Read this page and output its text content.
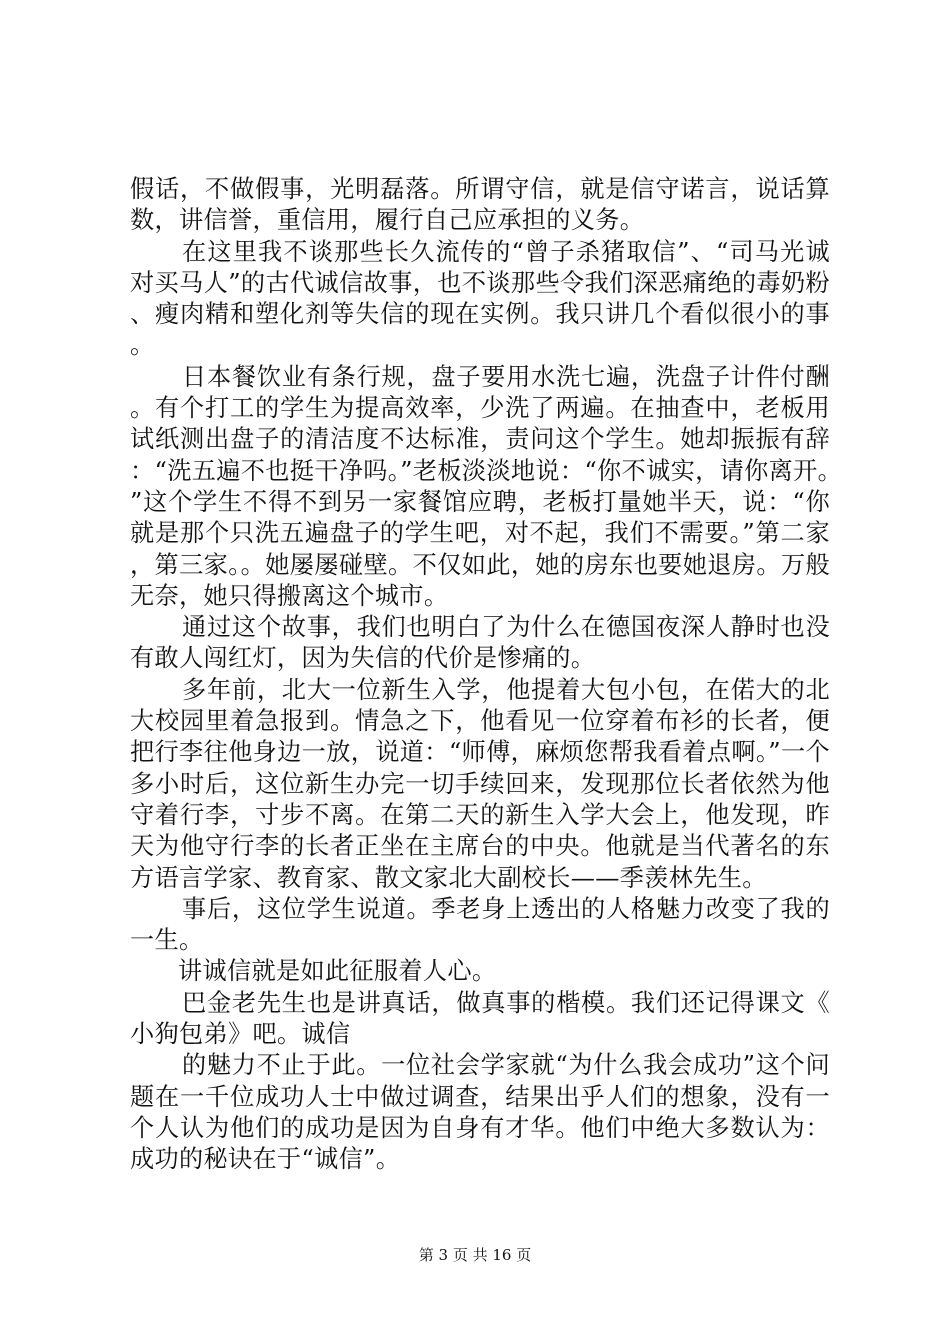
假话，不做假事，光明磊落。所谓守信，就是信守诺言，说话算数，讲信誉，重信用，履行自己应承担的义务。

在这里我不谈那些长久流传的“曾子杀猪取信”、“司马光诚对买马人”的古代诚信故事，也不谈那些令我们深恶痛绝的毒奶粉、瘦肉精和塑化剂等失信的现在实例。我只讲几个看似很小的事。

日本餐饮业有条行规，盘子要用水洗七遍，洗盘子计件付酬。有个打工的学生为提高效率，少洗了两遍。在抽查中，老板用试纸测出盘子的清洁度不达标准，责问这个学生。她却振振有辞：“洗五遍不也挺干净吗。”老板淡淡地说：“你不诚实，请你离开。”这个学生不得不到另一家餐馆应聘，老板打量她半天，说：“你就是那个只洗五遍盘子的学生吧，对不起，我们不需要。”第二家，第三家。。她屡屡碰壁。不仅如此，她的房东也要她退房。万般无奈，她只得搬离这个城市。

通过这个故事，我们也明白了为什么在德国夜深人静时也没有敢人闯红灯，因为失信的代价是惨痛的。

多年前，北大一位新生入学，他提着大包小包，在偌大的北大校园里着急报到。情急之下，他看见一位穿着布衫的长者，便把行李往他身边一放，说道：“师傅，麻烦您帮我看着点啊。”一个多小时后，这位新生办完一切手续回来，发现那位长者依然为他守着行李，寸步不离。在第二天的新生入学大会上，他发现，昨天为他守行李的长者正坐在主席台的中央。他就是当代著名的东方语言学家、教育家、散文家北大副校长——季羡林先生。

事后，这位学生说道。季老身上透出的人格魅力改变了我的一生。

讲诚信就是如此征服着人心。

巴金老先生也是讲真话，做真事的楷模。我们还记得课文《小狗包弟》吧。诚信

的魅力不止于此。一位社会学家就“为什么我会成功”这个问题在一千位成功人士中做过调查，结果出乎人们的想象，没有一个人认为他们的成功是因为自身有才华。他们中绝大多数认为：成功的秘诀在于“诚信”。

第 3 页 共 16 页
